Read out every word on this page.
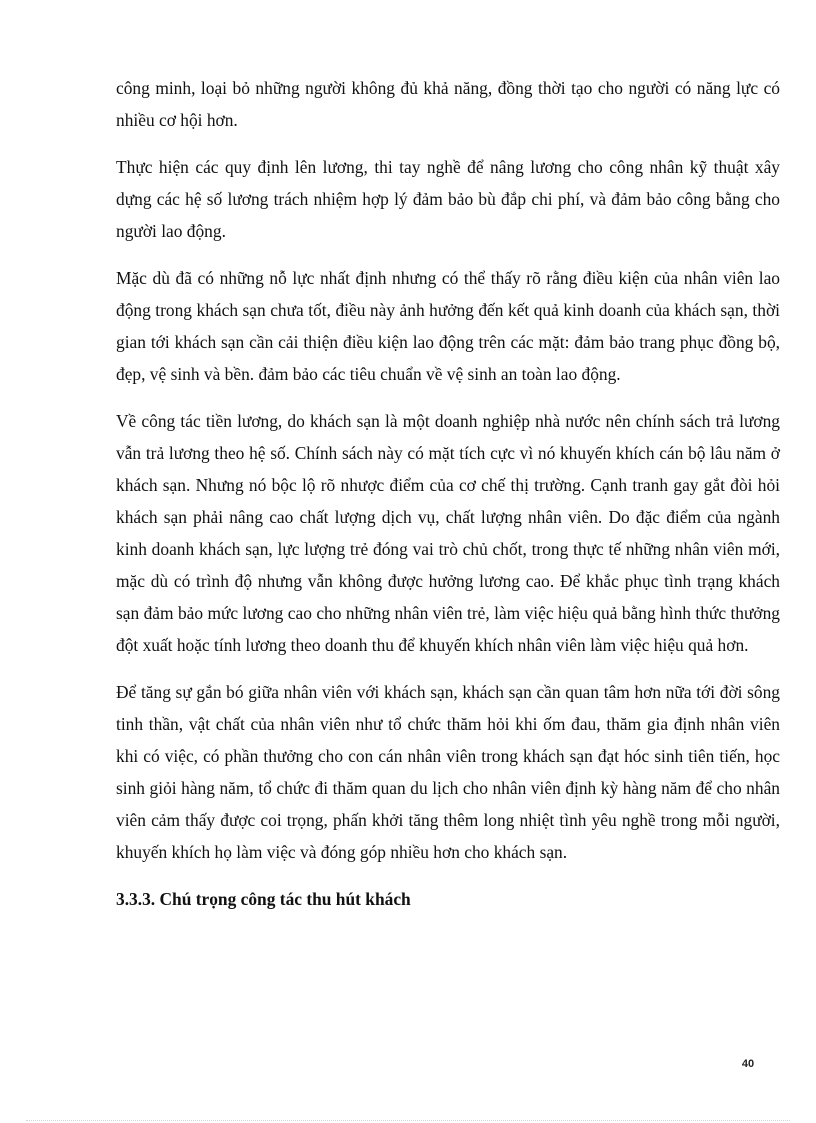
công minh, loại bỏ những người không đủ khả năng, đồng thời tạo cho người có năng lực có nhiều cơ hội hơn.

Thực hiện các quy định lên lương, thi tay nghề để nâng lương cho công nhân kỹ thuật xây dựng các hệ số lương trách nhiệm hợp lý đảm bảo bù đắp chi phí, và đảm bảo công bằng cho người lao động.

Mặc dù đã có những nỗ lực nhất định nhưng có thể thấy rõ rằng điều kiện của nhân viên lao động trong khách sạn chưa tốt, điều này ảnh hưởng đến kết quả kinh doanh của khách sạn, thời gian tới khách sạn cần cải thiện điều kiện lao động trên các mặt: đảm bảo trang phục đồng bộ, đẹp, vệ sinh và bền. đảm bảo các tiêu chuẩn về vệ sinh an toàn lao động.

Về công tác tiền lương, do khách sạn là một doanh nghiệp nhà nước nên chính sách trả lương vẫn trả lương theo hệ số. Chính sách này có mặt tích cực vì nó khuyến khích cán bộ lâu năm ở khách sạn. Nhưng nó bộc lộ rõ nhược điểm của cơ chế thị trường. Cạnh tranh gay gắt đòi hỏi khách sạn phải nâng cao chất lượng dịch vụ, chất lượng nhân viên. Do đặc điểm của ngành kinh doanh khách sạn, lực lượng trẻ đóng vai trò chủ chốt, trong thực tế những nhân viên mới, mặc dù có trình độ nhưng vẫn không được hưởng lương cao. Để khắc phục tình trạng khách sạn đảm bảo mức lương cao cho những nhân viên trẻ, làm việc hiệu quả bằng hình thức thưởng đột xuất hoặc tính lương theo doanh thu để khuyến khích nhân viên làm việc hiệu quả hơn.

Để tăng sự gắn bó giữa nhân viên với khách sạn, khách sạn cần quan tâm hơn nữa tới đời sông tinh thần, vật chất của nhân viên như tổ chức thăm hỏi khi ốm đau, thăm gia định nhân viên khi có việc, có phần thưởng cho con cán nhân viên trong khách sạn đạt hóc sinh tiên tiến, học sinh giỏi hàng năm, tổ chức đi thăm quan du lịch cho nhân viên định kỳ hàng năm để cho nhân viên cảm thấy được coi trọng, phấn khởi tăng thêm long nhiệt tình yêu nghề trong mỗi người, khuyến khích họ làm việc và đóng góp nhiều hơn cho khách sạn.

3.3.3. Chú trọng công tác thu hút khách
40
